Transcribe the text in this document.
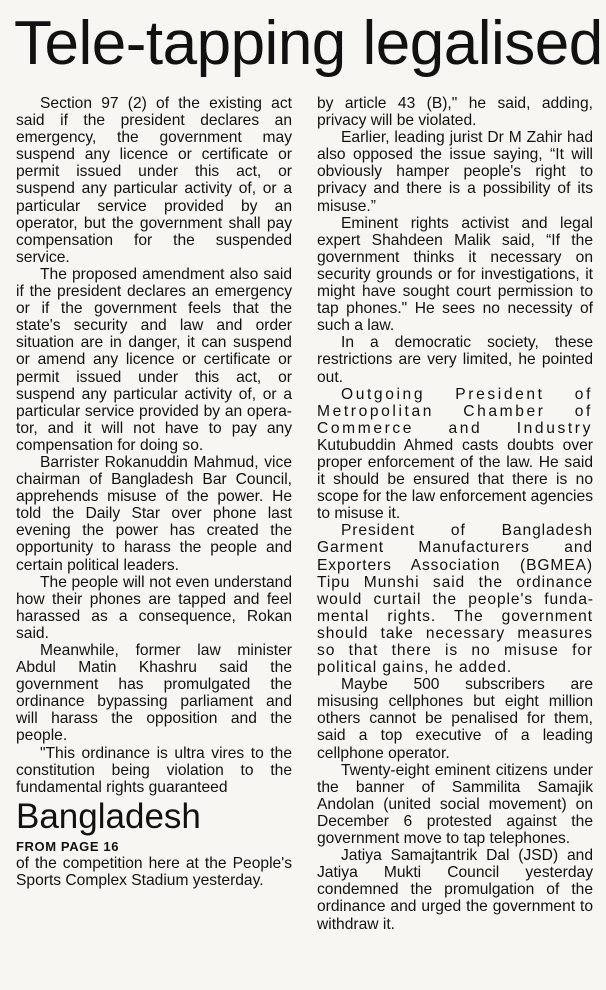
Tele-tapping legalised

Section 97 (2) of the existing act said if the president declares an emergency, the government may suspend any licence or certificate or permit issued under this act, or suspend any particular activity of, or a particular service provided by an operator, but the government shall pay compensation for the suspended service.

The proposed amendment also said if the president declares an emergency or if the government feels that the state's security and law and order situation are in danger, it can suspend or amend any licence or certificate or permit issued under this act, or suspend any particular activity of, or a particular service provided by an operator, and it will not have to pay any compensation for doing so.

Barrister Rokanuddin Mahmud, vice chairman of Bangladesh Bar Council, apprehends misuse of the power. He told the Daily Star over phone last evening the power has created the opportunity to harass the people and certain political leaders.

The people will not even understand how their phones are tapped and feel harassed as a consequence, Rokan said.

Meanwhile, former law minister Abdul Matin Khashru said the government has promulgated the ordinance bypassing parliament and will harass the opposition and the people.

"This ordinance is ultra vires to the constitution being violation to the fundamental rights guaranteed

Bangladesh

FROM PAGE 16

of the competition here at the People's Sports Complex Stadium yesterday.

by article 43 (B)," he said, adding, privacy will be violated.

Earlier, leading jurist Dr M Zahir had also opposed the issue saying, “It will obviously hamper people's right to privacy and there is a possibility of its misuse.”

Eminent rights activist and legal expert Shahdeen Malik said, “If the government thinks it necessary on security grounds or for investigations, it might have sought court permission to tap phones." He sees no necessity of such a law.

In a democratic society, these restrictions are very limited, he pointed out.

Outgoing President of Metropolitan Chamber of Commerce and Industry Kutubuddin Ahmed casts doubts over proper enforcement of the law. He said it should be ensured that there is no scope for the law enforcement agencies to misuse it.

President of Bangladesh Garment Manufacturers and Exporters Association (BGMEA) Tipu Munshi said the ordinance would curtail the people's fundamental rights. The government should take necessary measures so that there is no misuse for political gains, he added.

Maybe 500 subscribers are misusing cellphones but eight million others cannot be penalised for them, said a top executive of a leading cellphone operator.

Twenty-eight eminent citizens under the banner of Sammilita Samajik Andolan (united social movement) on December 6 protested against the government move to tap telephones.

Jatiya Samajtantrik Dal (JSD) and Jatiya Mukti Council yesterday condemned the promulgation of the ordinance and urged the government to withdraw it.
